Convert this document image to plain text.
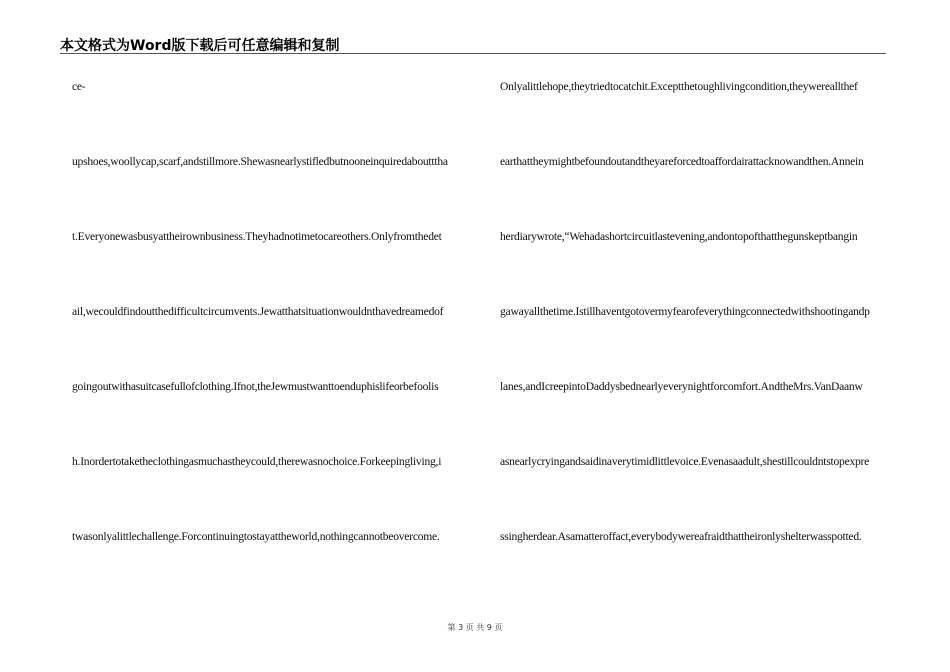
本文格式为Word版下载后可任意编辑和复制
ce-
upshoes,woollycap,scarf,andstillmore.Shewasnearlystifledbutnooneinquiredaboutttha
t.Everyonewasbusyattheirownbusiness.Theyhadnotimetocareothers.Onlyfromthedet
ail,wecouldfindoutthedifficultcircumvents.Jewatthatsituationwouldnthavedreamedof
goingoutwithasuitcasefullofclothing.Ifnot,theJewmustwanttoenduphislifeorbefoolis
h.Inordertotaketheclothingasmuchastheycould,therewasnochoice.Forkeepingliving,i
twasonlyalittlechallenge.Forcontinuingtostayattheworld,nothingcannotbeovercome.
Onlyalittlehope,theytriedtocatchit.Exceptthetoughlivingcondition,theywereallthef
earthattheymightbefoundoutandtheyareforcedtoaffordairattacknowandthen.Annein
herdiarywrote,“Wehadashortcircuitlastevening,andontopofthatthegunskeptbangin
gawayallthetime.Istillhaventgotovermyfearofeverythingconnectedwithshootingandp
lanes,andIcreepintoDaddysbednearlyeverynightforcomfort.AndtheMrs.VanDaanw
asnearlycryingandsaidinaverytimidlittlevoice.Evenasaadult,shestillcouldntstopexpre
ssingherdear.Asamatteroffact,everybodywereafraidthattheironlyshelterwasspotted.
第 3 页 共 9 页
